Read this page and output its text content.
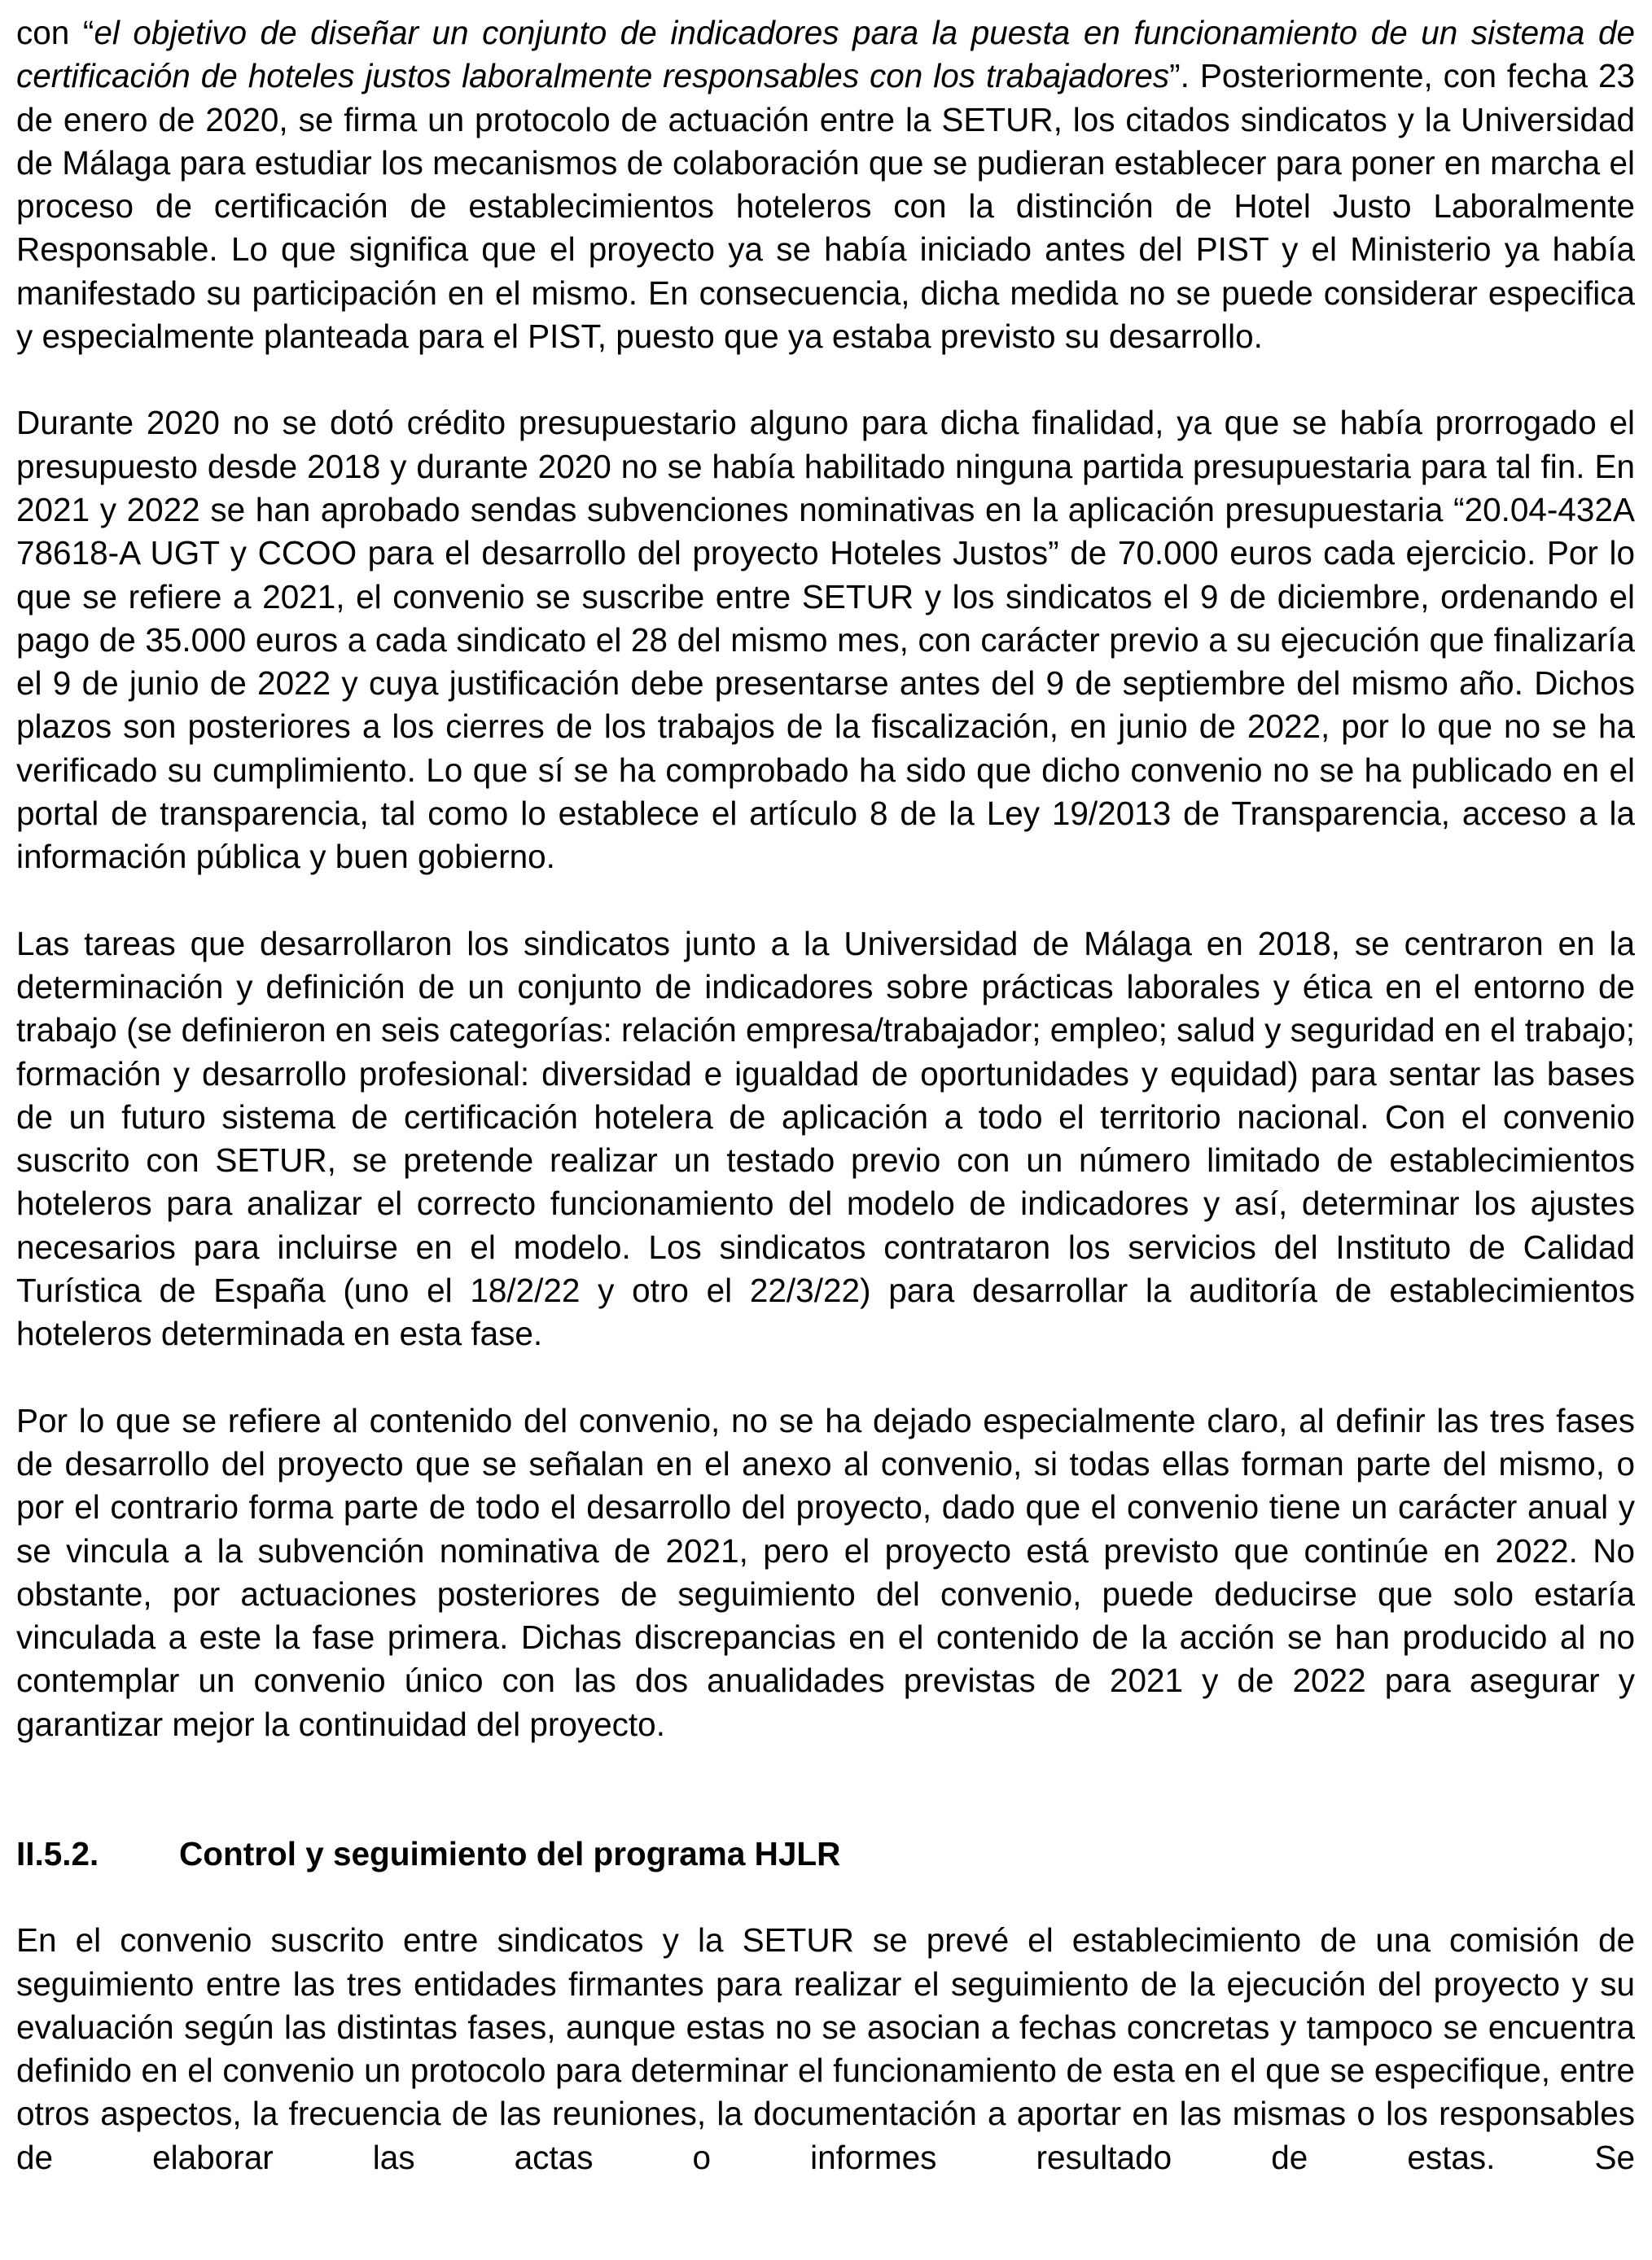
con “el objetivo de diseñar un conjunto de indicadores para la puesta en funcionamiento de un sistema de certificación de hoteles justos laboralmente responsables con los trabajadores”. Posteriormente, con fecha 23 de enero de 2020, se firma un protocolo de actuación entre la SETUR, los citados sindicatos y la Universidad de Málaga para estudiar los mecanismos de colaboración que se pudieran establecer para poner en marcha el proceso de certificación de establecimientos hoteleros con la distinción de Hotel Justo Laboralmente Responsable. Lo que significa que el proyecto ya se había iniciado antes del PIST y el Ministerio ya había manifestado su participación en el mismo. En consecuencia, dicha medida no se puede considerar especifica y especialmente planteada para el PIST, puesto que ya estaba previsto su desarrollo.

Durante 2020 no se dotó crédito presupuestario alguno para dicha finalidad, ya que se había prorrogado el presupuesto desde 2018 y durante 2020 no se había habilitado ninguna partida presupuestaria para tal fin. En 2021 y 2022 se han aprobado sendas subvenciones nominativas en la aplicación presupuestaria “20.04-432A 78618-A UGT y CCOO para el desarrollo del proyecto Hoteles Justos” de 70.000 euros cada ejercicio. Por lo que se refiere a 2021, el convenio se suscribe entre SETUR y los sindicatos el 9 de diciembre, ordenando el pago de 35.000 euros a cada sindicato el 28 del mismo mes, con carácter previo a su ejecución que finalizaría el 9 de junio de 2022 y cuya justificación debe presentarse antes del 9 de septiembre del mismo año. Dichos plazos son posteriores a los cierres de los trabajos de la fiscalización, en junio de 2022, por lo que no se ha verificado su cumplimiento. Lo que sí se ha comprobado ha sido que dicho convenio no se ha publicado en el portal de transparencia, tal como lo establece el artículo 8 de la Ley 19/2013 de Transparencia, acceso a la información pública y buen gobierno.

Las tareas que desarrollaron los sindicatos junto a la Universidad de Málaga en 2018, se centraron en la determinación y definición de un conjunto de indicadores sobre prácticas laborales y ética en el entorno de trabajo (se definieron en seis categorías: relación empresa/trabajador; empleo; salud y seguridad en el trabajo; formación y desarrollo profesional: diversidad e igualdad de oportunidades y equidad) para sentar las bases de un futuro sistema de certificación hotelera de aplicación a todo el territorio nacional. Con el convenio suscrito con SETUR, se pretende realizar un testado previo con un número limitado de establecimientos hoteleros para analizar el correcto funcionamiento del modelo de indicadores y así, determinar los ajustes necesarios para incluirse en el modelo. Los sindicatos contrataron los servicios del Instituto de Calidad Turística de España (uno el 18/2/22 y otro el 22/3/22) para desarrollar la auditoría de establecimientos hoteleros determinada en esta fase.

Por lo que se refiere al contenido del convenio, no se ha dejado especialmente claro, al definir las tres fases de desarrollo del proyecto que se señalan en el anexo al convenio, si todas ellas forman parte del mismo, o por el contrario forma parte de todo el desarrollo del proyecto, dado que el convenio tiene un carácter anual y se vincula a la subvención nominativa de 2021, pero el proyecto está previsto que continúe en 2022. No obstante, por actuaciones posteriores de seguimiento del convenio, puede deducirse que solo estaría vinculada a este la fase primera. Dichas discrepancias en el contenido de la acción se han producido al no contemplar un convenio único con las dos anualidades previstas de 2021 y de 2022 para asegurar y garantizar mejor la continuidad del proyecto.

II.5.2.	Control y seguimiento del programa HJLR

En el convenio suscrito entre sindicatos y la SETUR se prevé el establecimiento de una comisión de seguimiento entre las tres entidades firmantes para realizar el seguimiento de la ejecución del proyecto y su evaluación según las distintas fases, aunque estas no se asocian a fechas concretas y tampoco se encuentra definido en el convenio un protocolo para determinar el funcionamiento de esta en el que se especifique, entre otros aspectos, la frecuencia de las reuniones, la documentación a aportar en las mismas o los responsables de elaborar las actas o informes resultado de estas. Se
